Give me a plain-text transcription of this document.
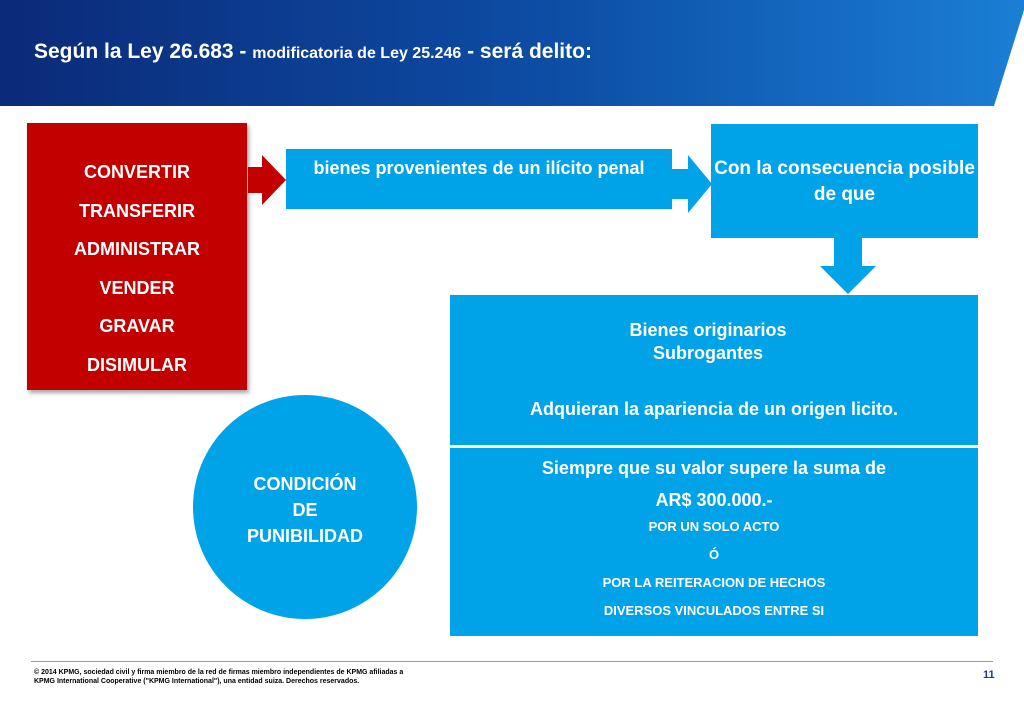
Según la Ley 26.683 - modificatoria de Ley 25.246 - será delito:
CONVERTIR
TRANSFERIR
ADMINISTRAR
VENDER
GRAVAR
DISIMULAR
bienes provenientes de un ilícito penal	Con la consecuencia posible de que
Bienes originarios
Subrogantes
Adquieran la apariencia de un origen licito.
Siempre que su valor supere la suma de
AR$ 300.000.-
POR UN SOLO ACTO
Ó
POR LA REITERACION DE HECHOS
DIVERSOS VINCULADOS ENTRE SI
CONDICIÓN
DE
PUNIBILIDAD
© 2014 KPMG, sociedad civil y firma miembro de la red de firmas miembro independientes de KPMG afiliadas a
KPMG International Cooperative ("KPMG International"), una entidad suiza. Derechos reservados.
11
